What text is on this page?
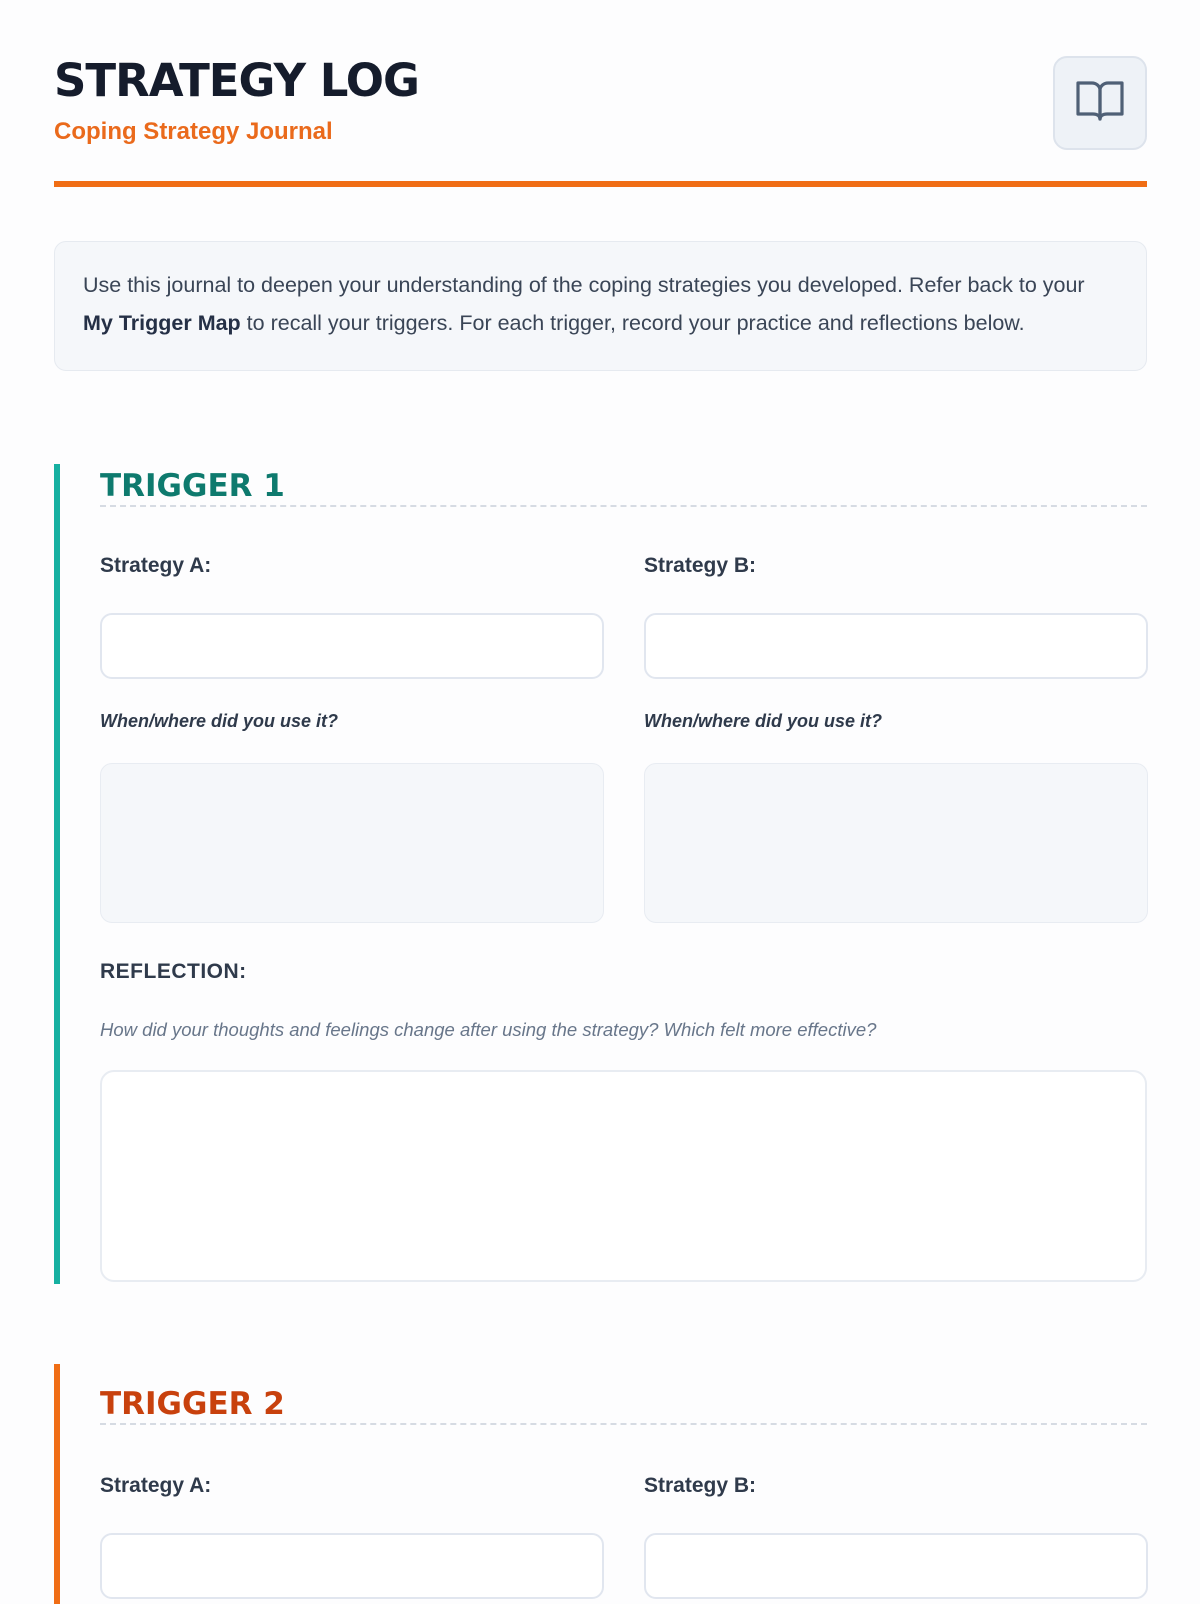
STRATEGY LOG
Coping Strategy Journal
Use this journal to deepen your understanding of the coping strategies you developed. Refer back to your My Trigger Map to recall your triggers. For each trigger, record your practice and reflections below.
TRIGGER 1
Strategy A:
When/where did you use it?
Strategy B:
When/where did you use it?
REFLECTION:
How did your thoughts and feelings change after using the strategy? Which felt more effective?
TRIGGER 2
Strategy A:	Strategy B:
